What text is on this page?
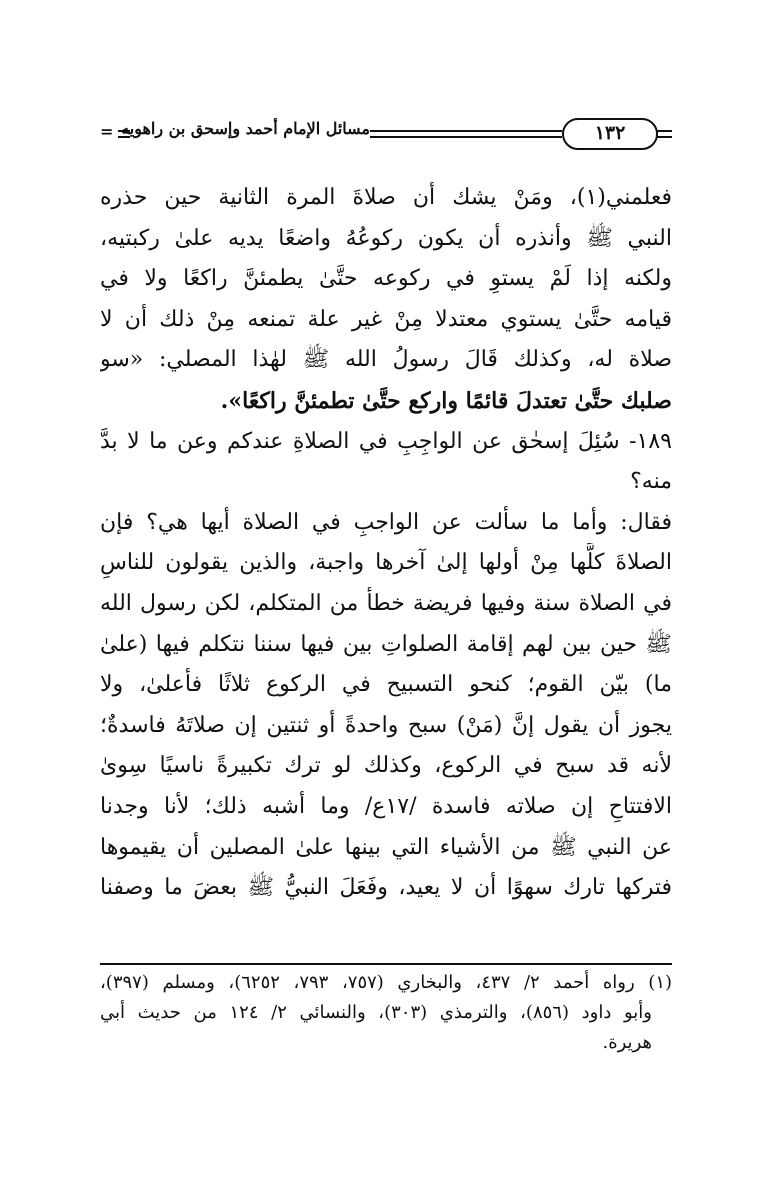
= مسائل الإمام أحمد وإسحق بن راهويه	١٣٢
فعلمني(١)، ومَنْ يشك أن صلاةَ المرة الثانية حين حذره
النبي ﷺ وأنذره أن يكون ركوعُهُ واضعًا يديه علىٰ ركبتيه،
ولكنه إذا لَمْ يستوِ في ركوعه حتَّىٰ يطمئنَّ راكعًا ولا في
قيامه حتَّىٰ يستوي معتدلا مِنْ غير علة تمنعه مِنْ ذلك أن لا
صلاة له، وكذلك قَالَ رسولُ الله ﷺ لهٰذا المصلي: «سو
صلبك حتَّىٰ تعتدلَ قائمًا واركع حتَّىٰ تطمئنَّ راكعًا».
١٨٩- سُئِلَ إسحٰق عن الواجِبِ في الصلاةِ عندكم وعن ما لا بدَّ
منه؟
فقال: وأما ما سألت عن الواجبِ في الصلاة أيها هي؟ فإن
الصلاةَ كلَّها مِنْ أولها إلىٰ آخرها واجبة، والذين يقولون للناسِ
في الصلاة سنة وفيها فريضة خطأ من المتكلم، لكن رسول الله
ﷺ حين بين لهم إقامة الصلواتِ بين فيها سننا نتكلم فيها (علىٰ
ما) بيّن القوم؛ كنحو التسبيح في الركوع ثلاثًا فأعلىٰ، ولا
يجوز أن يقول إنَّ (مَنْ) سبح واحدةً أو ثنتين إن صلاتَهُ فاسدةٌ؛
لأنه قد سبح في الركوع، وكذلك لو ترك تكبيرةً ناسيًا سِوىٰ
الافتتاحِ إن صلاته فاسدة /١٧ع/ وما أشبه ذلك؛ لأنا وجدنا
عن النبي ﷺ من الأشياء التي بينها علىٰ المصلين أن يقيموها
فتركها تارك سهوًا أن لا يعيد، وفَعَلَ النبيُّ ﷺ بعضَ ما وصفنا
(١) رواه أحمد ٢/ ٤٣٧، والبخاري (٧٥٧، ٧٩٣، ٦٢٥٢)، ومسلم (٣٩٧)،
وأبو داود (٨٥٦)، والترمذي (٣٠٣)، والنسائي ٢/ ١٢٤ من حديث أبي
هريرة.
